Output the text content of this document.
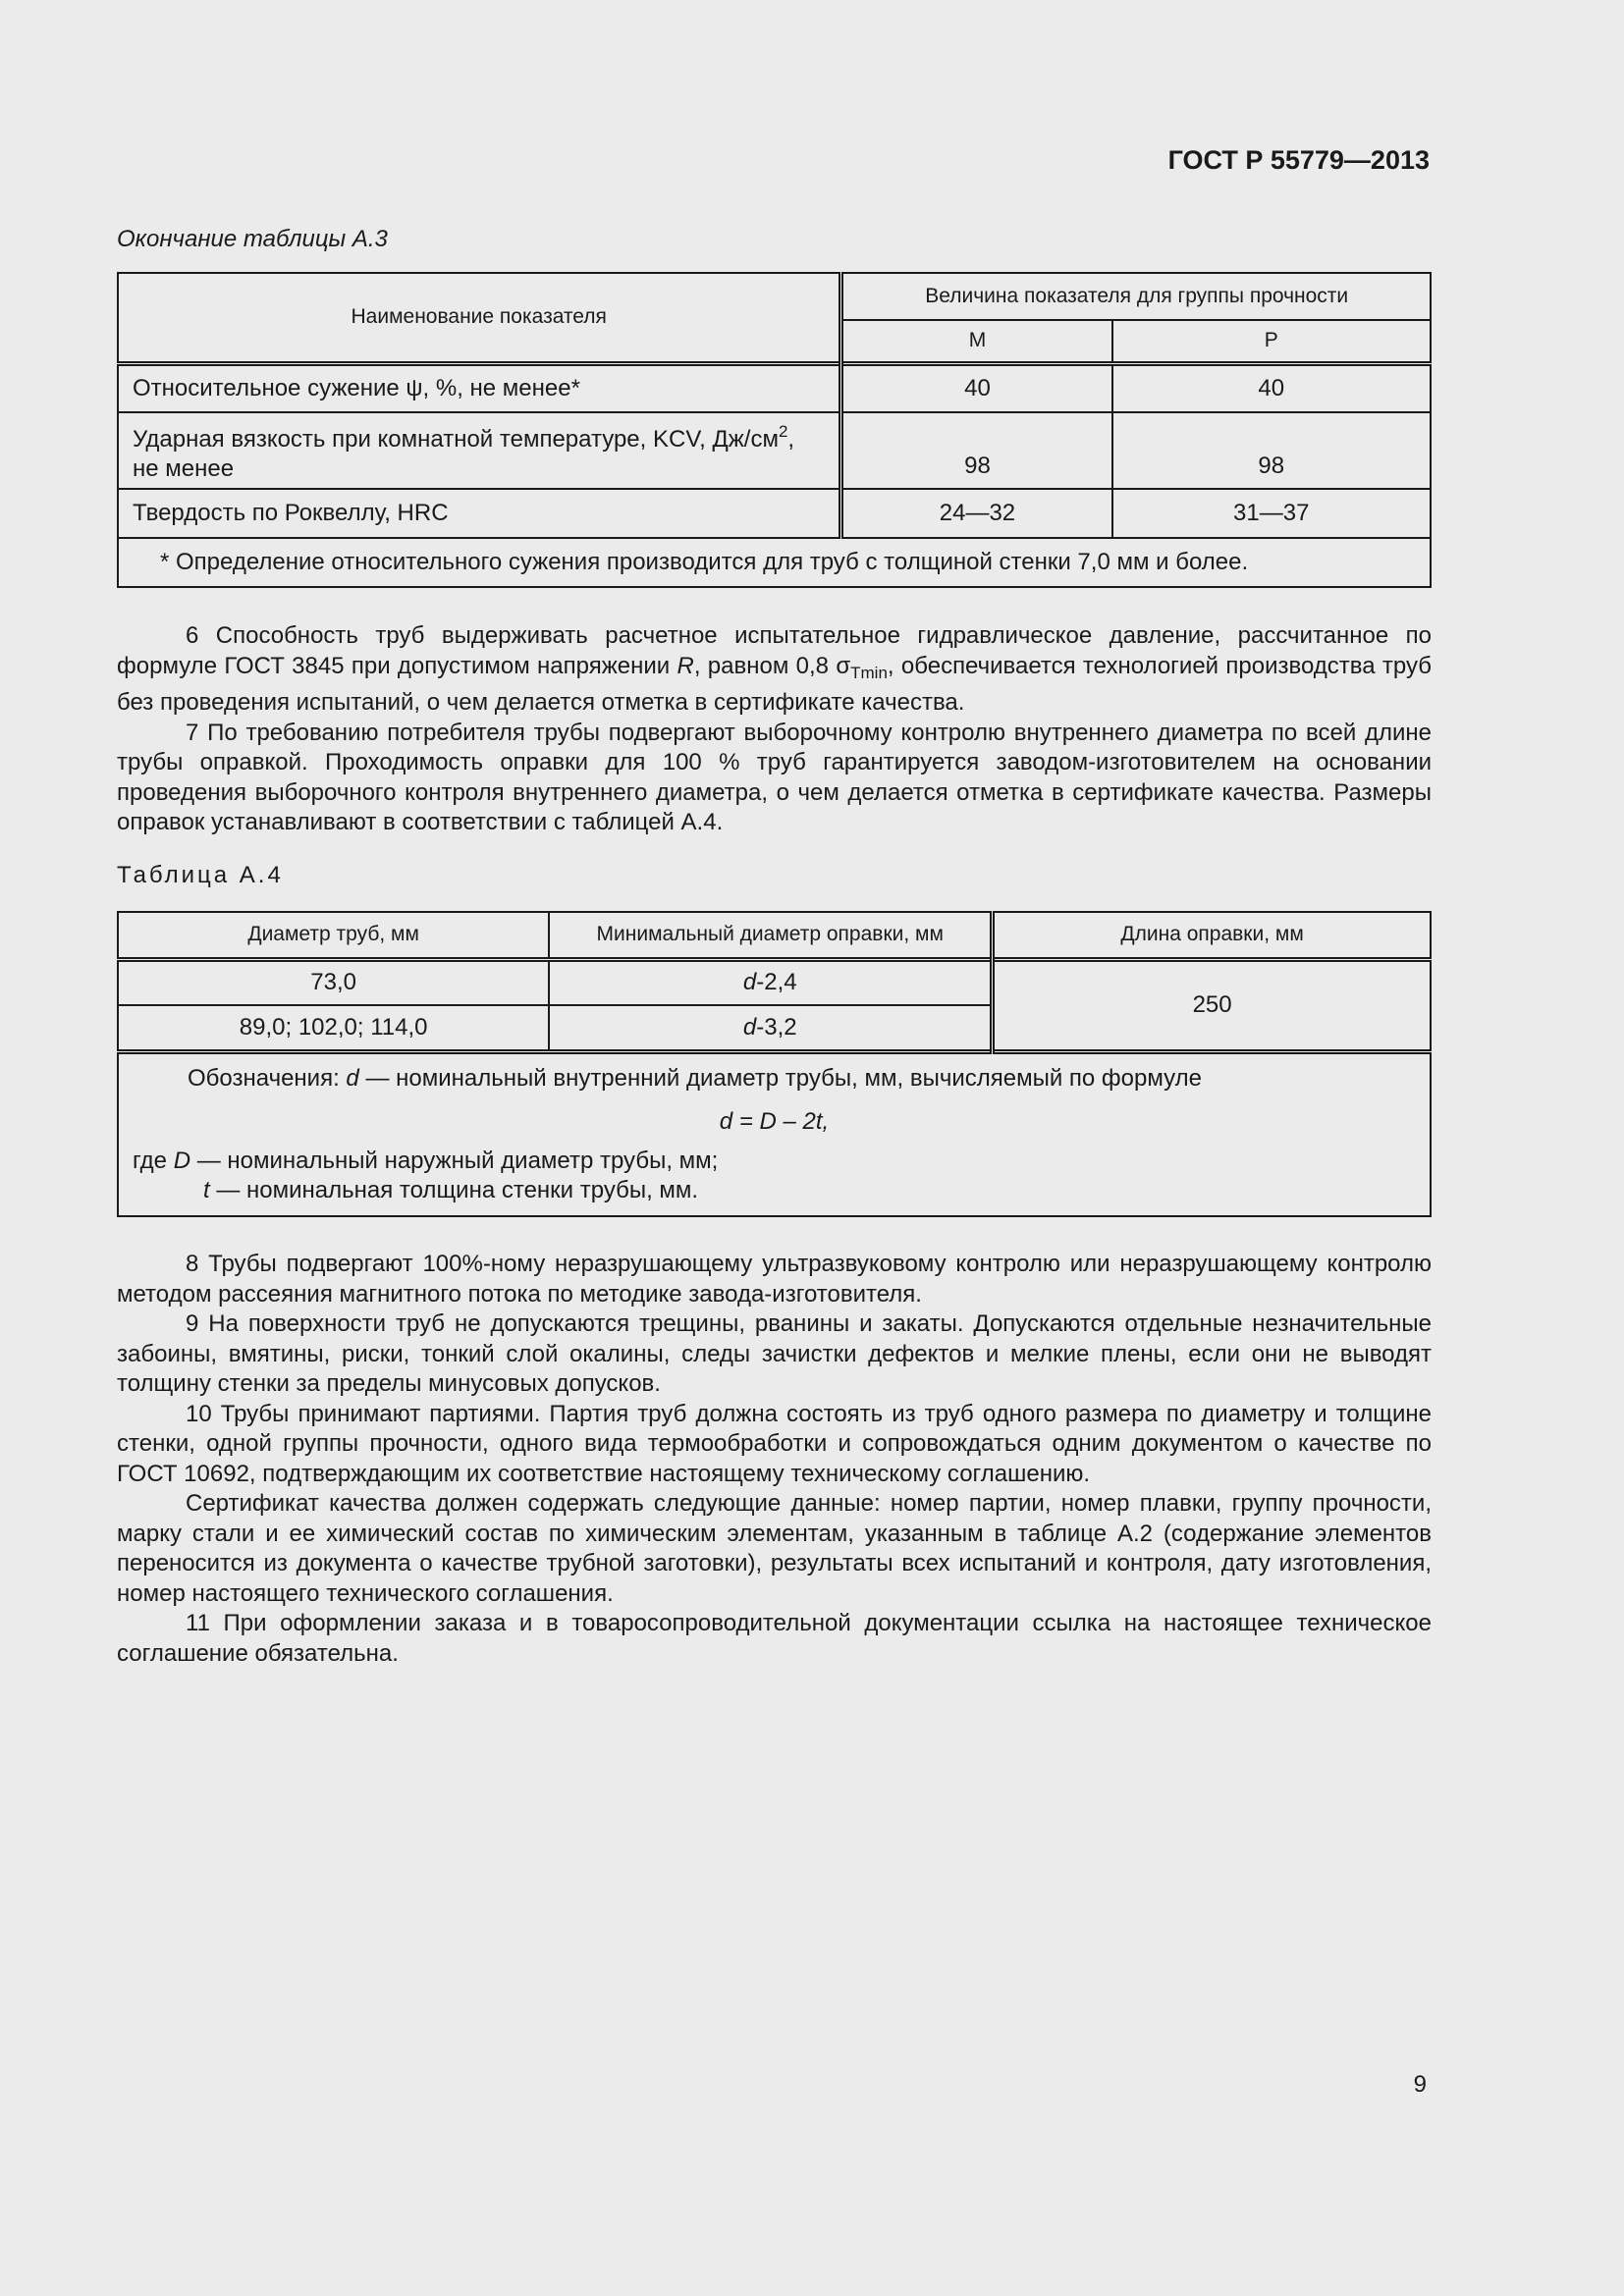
ГОСТ Р 55779—2013
Окончание таблицы А.3
Наименование показателя	Величина показателя для группы прочности	
	М	Р
Относительное сужение ψ, %, не менее*	40	40
Ударная вязкость при комнатной температуре, KCV, $Дж/см^2$,
не менее	98	98
Твердость по Роквеллу, HRC	24—32	31—37
* Определение относительного сужения производится для труб с толщиной стенки 7,0 мм и более.		

6 Способность труб выдерживать расчетное испытательное гидравлическое давление, рассчитанное по формуле ГОСТ 3845 при допустимом напряжении R, равном 0,8 $\sigma_{Tmin}$, обеспечивается технологией производства труб без проведения испытаний, о чем делается отметка в сертификате качества.

7 По требованию потребителя трубы подвергают выборочному контролю внутреннего диаметра по всей длине трубы оправкой. Проходимость оправки для 100 % труб гарантируется заводом-изготовителем на основании проведения выборочного контроля внутреннего диаметра, о чем делается отметка в сертификате качества. Размеры оправок устанавливают в соответствии с таблицей А.4.

Таблица А.4
Диаметр труб, мм	Минимальный диаметр оправки, мм	Длина оправки, мм
73,0	d-2,4	250
89,0; 102,0; 114,0	d-3,2	

Обозначения: d — номинальный внутренний диаметр трубы, мм, вычисляемый по формуле
d = D – 2t,
где D — номинальный наружный диаметр трубы, мм;
t — номинальная толщина стенки трубы, мм.		

8 Трубы подвергают 100%-ному неразрушающему ультразвуковому контролю или неразрушающему контролю методом рассеяния магнитного потока по методике завода-изготовителя.

9 На поверхности труб не допускаются трещины, рванины и закаты. Допускаются отдельные незначительные забоины, вмятины, риски, тонкий слой окалины, следы зачистки дефектов и мелкие плены, если они не выводят толщину стенки за пределы минусовых допусков.

10 Трубы принимают партиями. Партия труб должна состоять из труб одного размера по диаметру и толщине стенки, одной группы прочности, одного вида термообработки и сопровождаться одним документом о качестве по ГОСТ 10692, подтверждающим их соответствие настоящему техническому соглашению.

Сертификат качества должен содержать следующие данные: номер партии, номер плавки, группу прочности, марку стали и ее химический состав по химическим элементам, указанным в таблице А.2 (содержание элементов переносится из документа о качестве трубной заготовки), результаты всех испытаний и контроля, дату изготовления, номер настоящего технического соглашения.

11 При оформлении заказа и в товаросопроводительной документации ссылка на настоящее техническое соглашение обязательна.

9
